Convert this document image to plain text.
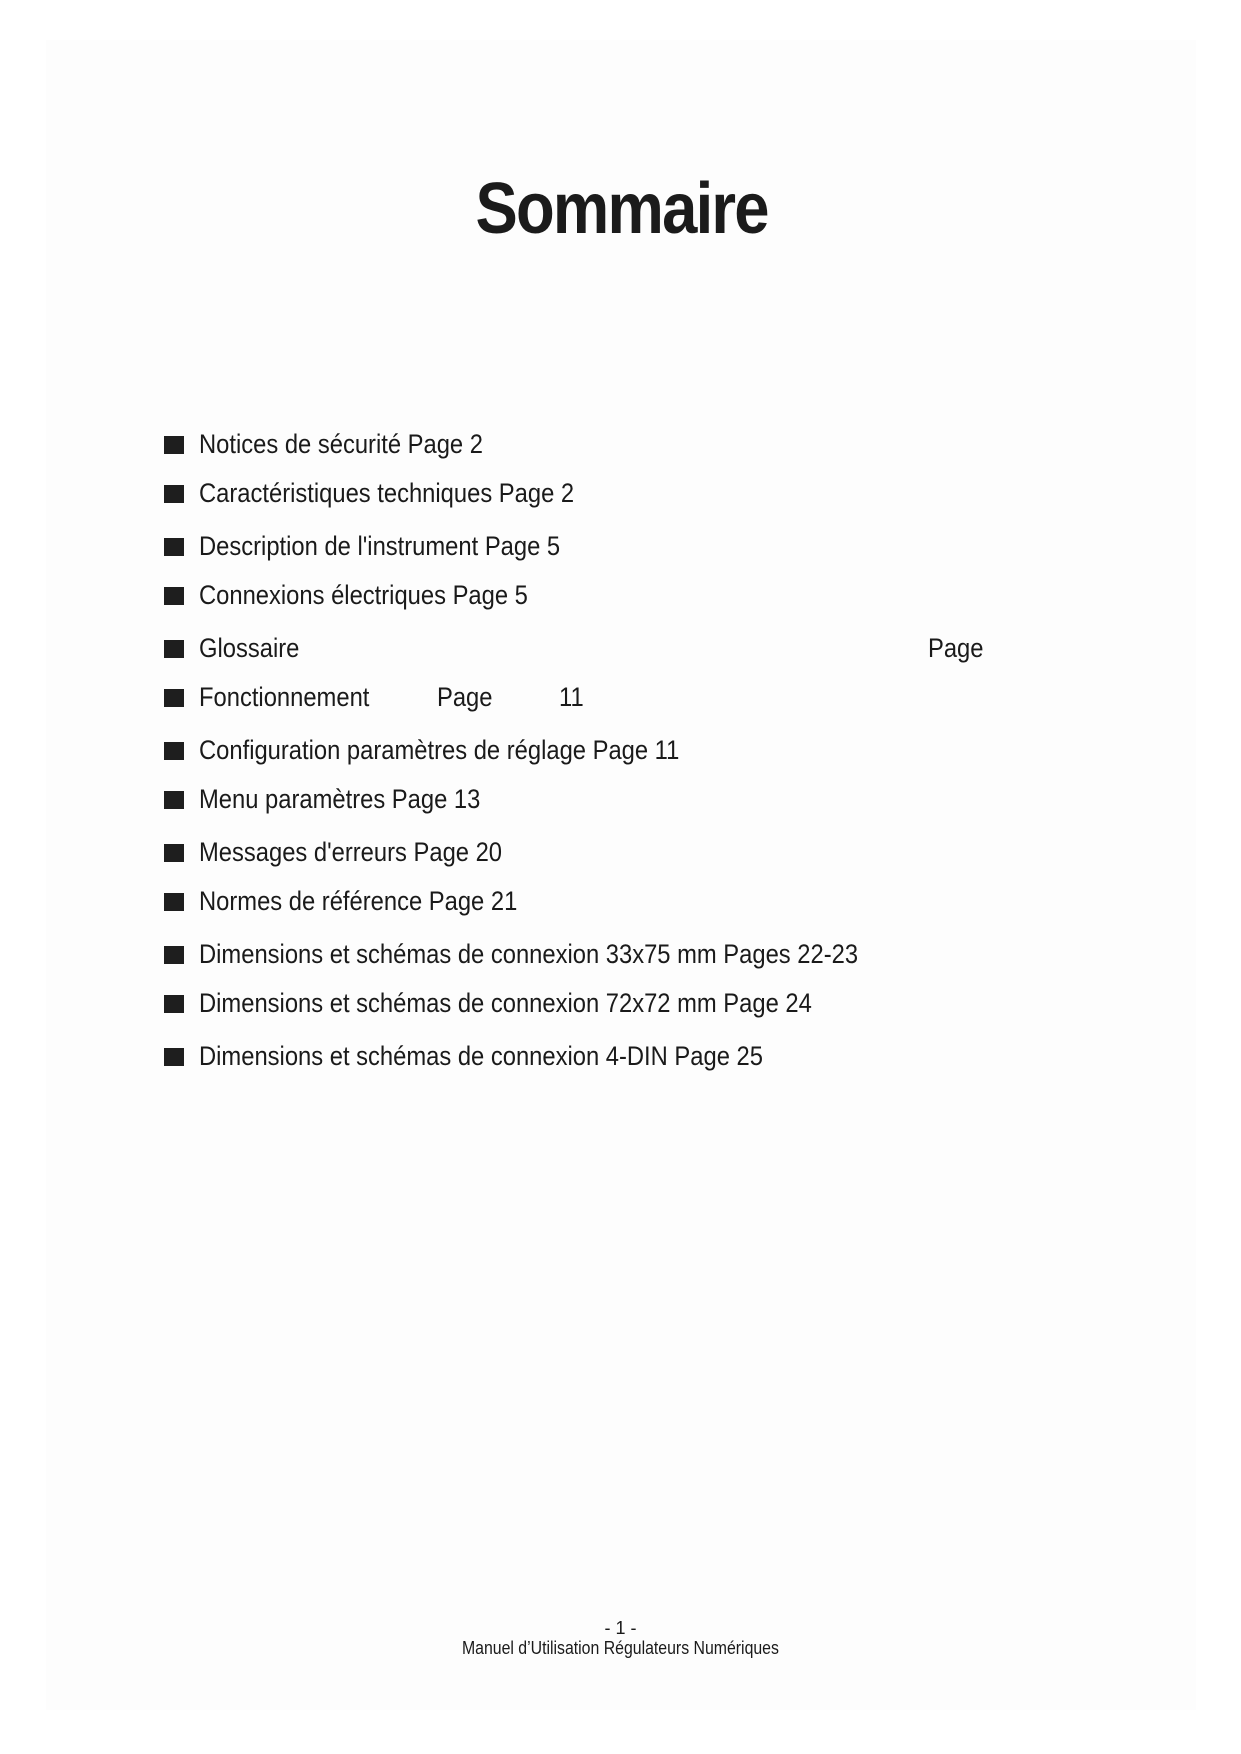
Sommaire
Notices de sécurité Page 2
Caractéristiques techniques Page 2
Description de l'instrument Page 5
Connexions électriques Page 5
Glossaire	Page
Fonctionnement	Page 11
Configuration paramètres de réglage Page 11
Menu paramètres Page 13
Messages d'erreurs Page 20
Normes de référence Page 21
Dimensions et schémas de connexion 33x75 mm Pages 22-23
Dimensions et schémas de connexion 72x72 mm Page 24
Dimensions et schémas de connexion 4-DIN Page 25
- 1 -
Manuel d’Utilisation Régulateurs Numériques
